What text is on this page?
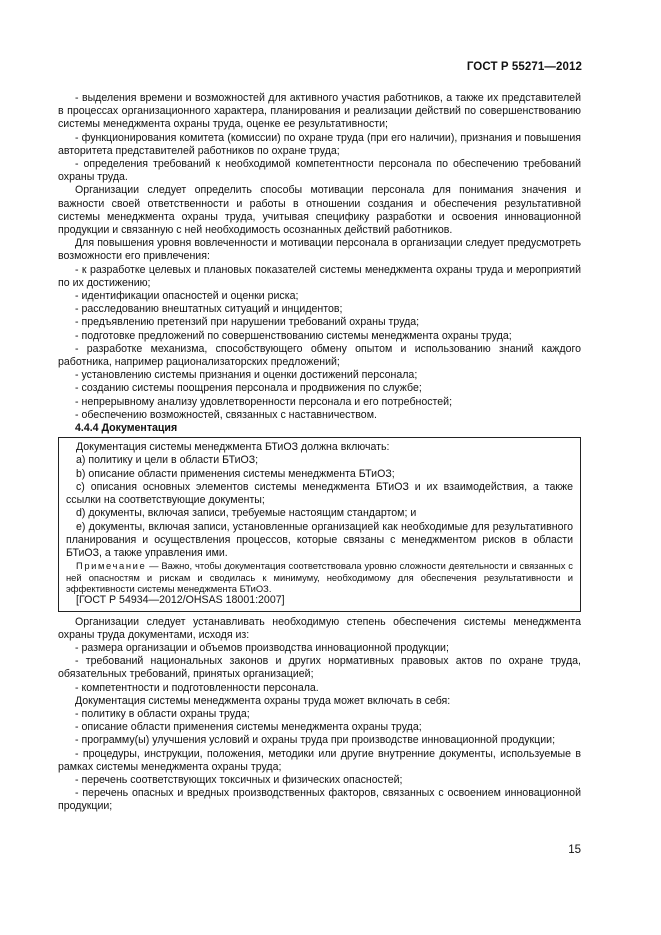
ГОСТ Р 55271—2012

- выделения времени и возможностей для активного участия работников, а также их представителей в процессах организационного характера, планирования и реализации действий по совершенствованию системы менеджмента охраны труда, оценке ее результативности;

- функционирования комитета (комиссии) по охране труда (при его наличии), признания и повышения авторитета представителей работников по охране труда;

- определения требований к необходимой компетентности персонала по обеспечению требований охраны труда.

Организации следует определить способы мотивации персонала для понимания значения и важности своей ответственности и работы в отношении создания и обеспечения результативной системы менеджмента охраны труда, учитывая специфику разработки и освоения инновационной продукции и связанную с ней необходимость осознанных действий работников.

Для повышения уровня вовлеченности и мотивации персонала в организации следует предусмотреть возможности его привлечения:

- к разработке целевых и плановых показателей системы менеджмента охраны труда и мероприятий по их достижению;

- идентификации опасностей и оценки риска;

- расследованию внештатных ситуаций и инцидентов;

- предъявлению претензий при нарушении требований охраны труда;

- подготовке предложений по совершенствованию системы менеджмента охраны труда;

- разработке механизма, способствующего обмену опытом и использованию знаний каждого работника, например рационализаторских предложений;

- установлению системы признания и оценки достижений персонала;

- созданию системы поощрения персонала и продвижения по службе;

- непрерывному анализу удовлетворенности персонала и его потребностей;

- обеспечению возможностей, связанных с наставничеством.

4.4.4 Документация

Документация системы менеджмента БТиОЗ должна включать:

a) политику и цели в области БТиОЗ;

b) описание области применения системы менеджмента БТиОЗ;

c) описания основных элементов системы менеджмента БТиОЗ и их взаимодействия, а также ссылки на соответствующие документы;

d) документы, включая записи, требуемые настоящим стандартом; и

e) документы, включая записи, установленные организацией как необходимые для результативного планирования и осуществления процессов, которые связаны с менеджментом рисков в области БТиОЗ, а также управления ими.

Примечание — Важно, чтобы документация соответствовала уровню сложности деятельности и связанных с ней опасностям и рискам и сводилась к минимуму, необходимому для обеспечения результативности и эффективности системы менеджмента БТиОЗ.

[ГОСТ Р 54934—2012/OHSAS 18001:2007]

Организации следует устанавливать необходимую степень обеспечения системы менеджмента охраны труда документами, исходя из:

- размера организации и объемов производства инновационной продукции;

- требований национальных законов и других нормативных правовых актов по охране труда, обязательных требований, принятых организацией;

- компетентности и подготовленности персонала.

Документация системы менеджмента охраны труда может включать в себя:

- политику в области охраны труда;

- описание области применения системы менеджмента охраны труда;

- программу(ы) улучшения условий и охраны труда при производстве инновационной продукции;

- процедуры, инструкции, положения, методики или другие внутренние документы, используемые в рамках системы менеджмента охраны труда;

- перечень соответствующих токсичных и физических опасностей;

- перечень опасных и вредных производственных факторов, связанных с освоением инновационной продукции;

15
